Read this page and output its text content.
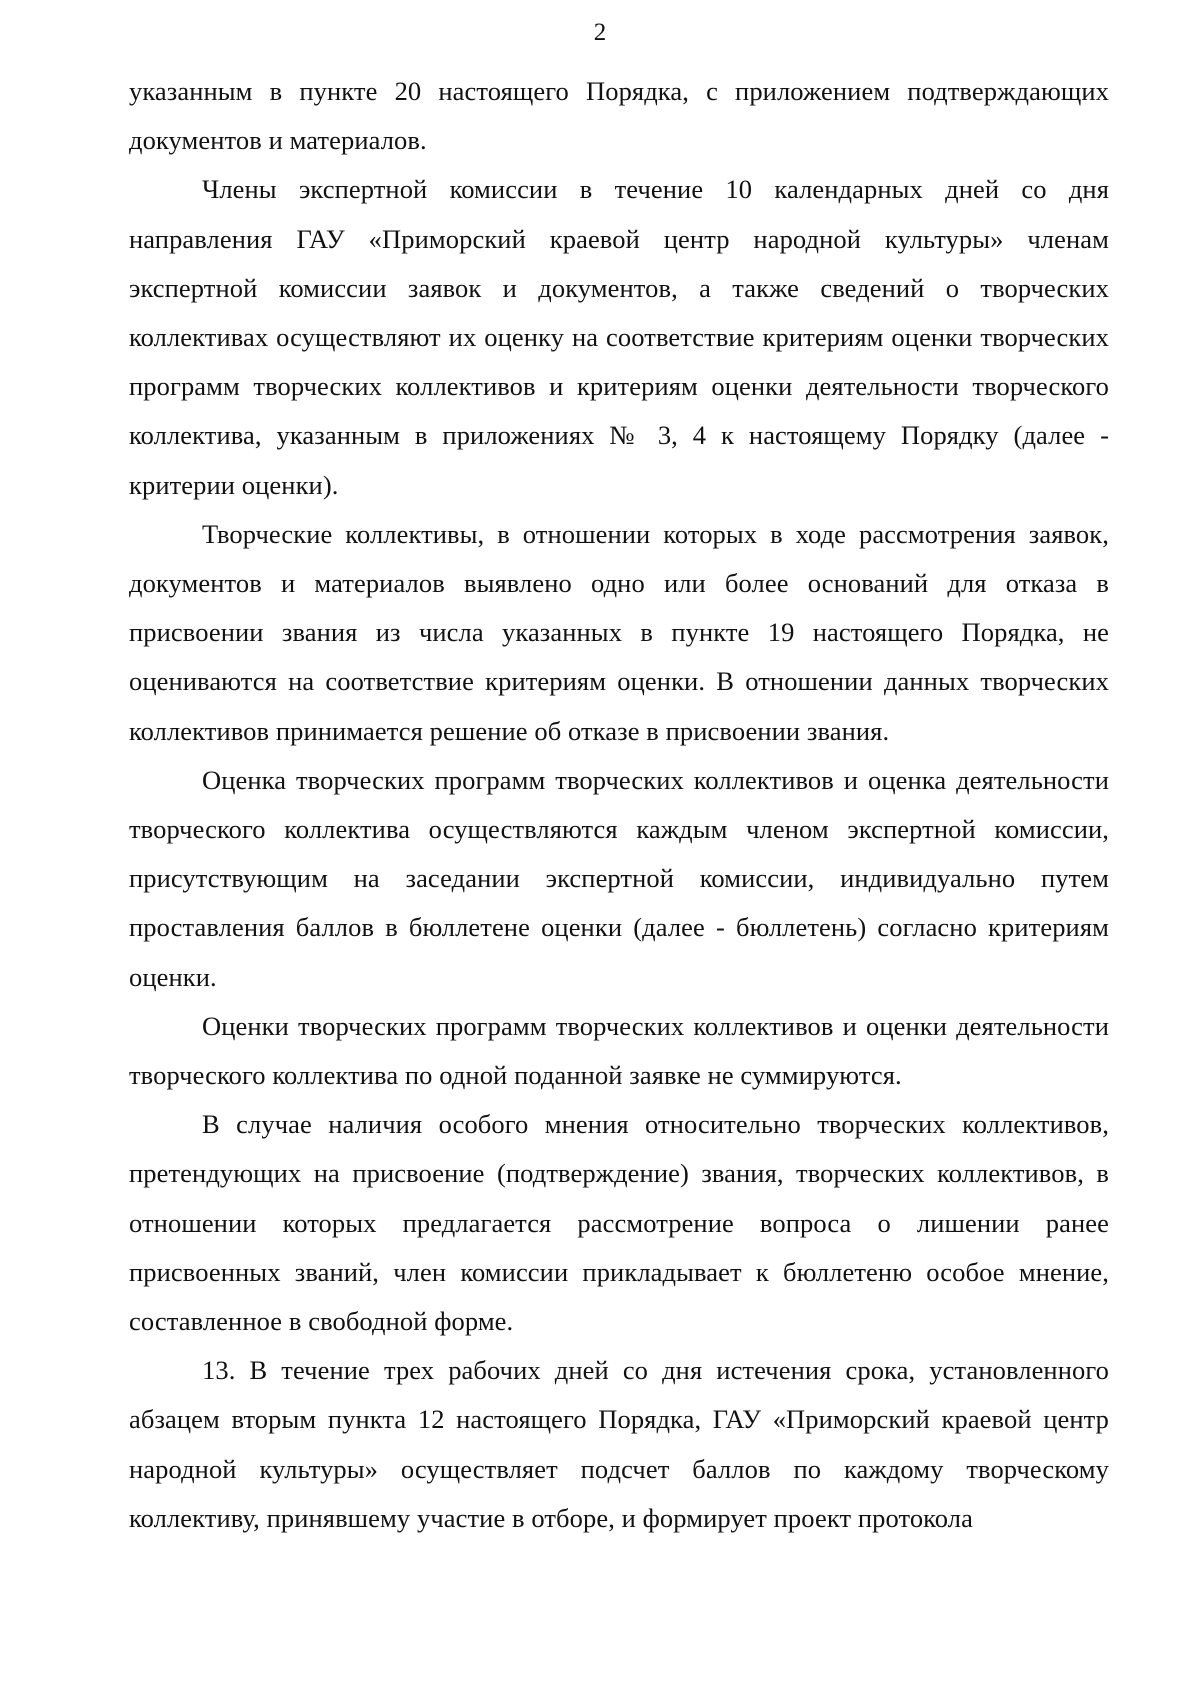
2

указанным в пункте 20 настоящего Порядка, с приложением подтверждающих документов и материалов.

Члены экспертной комиссии в течение 10 календарных дней со дня направления ГАУ «Приморский краевой центр народной культуры» членам экспертной комиссии заявок и документов, а также сведений о творческих коллективах осуществляют их оценку на соответствие критериям оценки творческих программ творческих коллективов и критериям оценки деятельности творческого коллектива, указанным в приложениях № 3, 4 к настоящему Порядку (далее - критерии оценки).

Творческие коллективы, в отношении которых в ходе рассмотрения заявок, документов и материалов выявлено одно или более оснований для отказа в присвоении звания из числа указанных в пункте 19 настоящего Порядка, не оцениваются на соответствие критериям оценки. В отношении данных творческих коллективов принимается решение об отказе в присвоении звания.

Оценка творческих программ творческих коллективов и оценка деятельности творческого коллектива осуществляются каждым членом экспертной комиссии, присутствующим на заседании экспертной комиссии, индивидуально путем проставления баллов в бюллетене оценки (далее - бюллетень) согласно критериям оценки.

Оценки творческих программ творческих коллективов и оценки деятельности творческого коллектива по одной поданной заявке не суммируются.

В случае наличия особого мнения относительно творческих коллективов, претендующих на присвоение (подтверждение) звания, творческих коллективов, в отношении которых предлагается рассмотрение вопроса о лишении ранее присвоенных званий, член комиссии прикладывает к бюллетеню особое мнение, составленное в свободной форме.

13. В течение трех рабочих дней со дня истечения срока, установленного абзацем вторым пункта 12 настоящего Порядка, ГАУ «Приморский краевой центр народной культуры» осуществляет подсчет баллов по каждому творческому коллективу, принявшему участие в отборе, и формирует проект протокола
